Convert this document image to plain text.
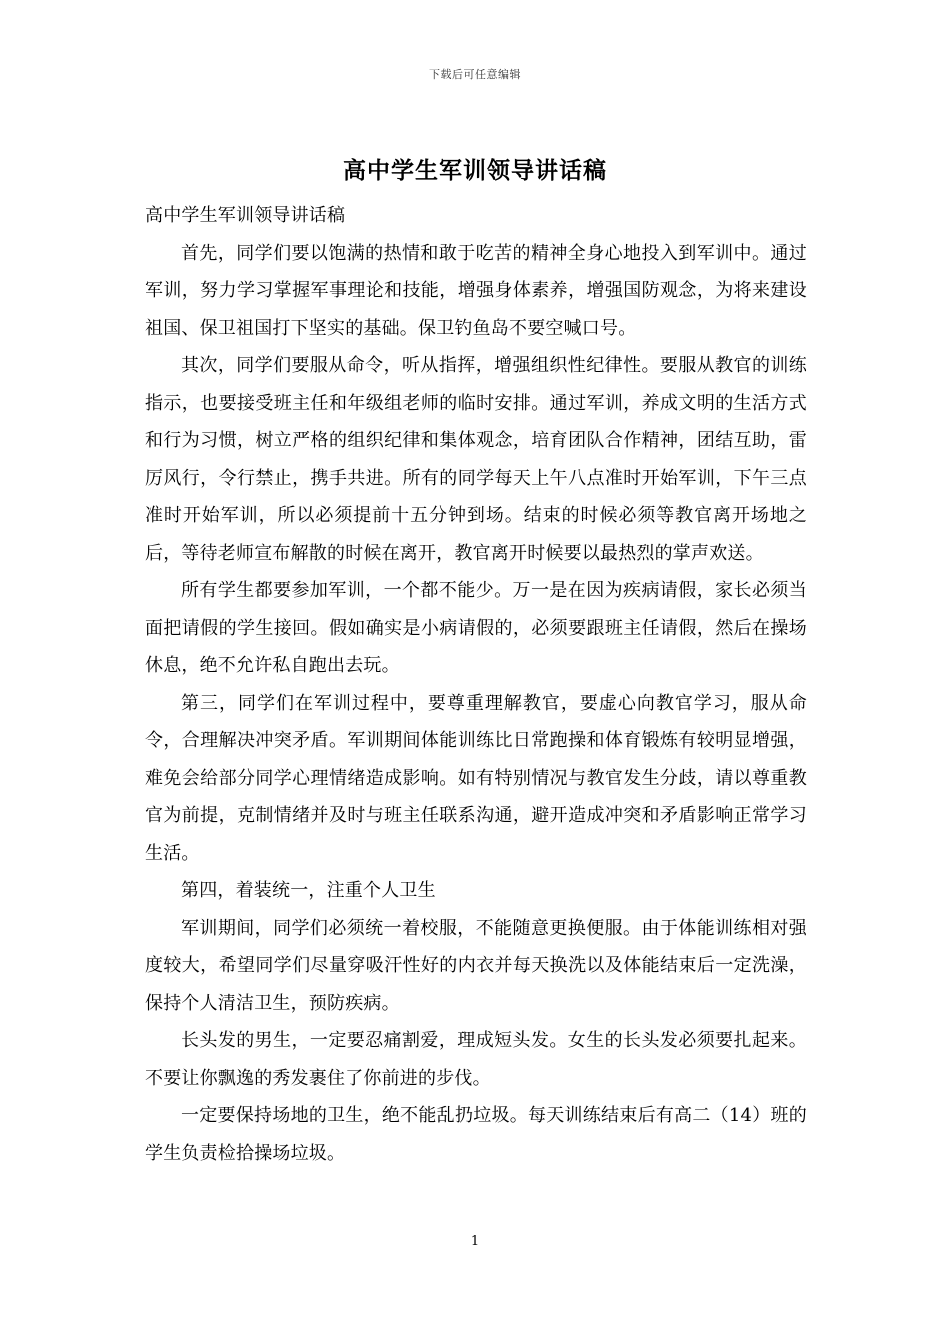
下载后可任意编辑
高中学生军训领导讲话稿

高中学生军训领导讲话稿

首先，同学们要以饱满的热情和敢于吃苦的精神全身心地投入到军训中。通过军训，努力学习掌握军事理论和技能，增强身体素养，增强国防观念，为将来建设祖国、保卫祖国打下坚实的基础。保卫钓鱼岛不要空喊口号。

其次，同学们要服从命令，听从指挥，增强组织性纪律性。要服从教官的训练指示，也要接受班主任和年级组老师的临时安排。通过军训，养成文明的生活方式和行为习惯，树立严格的组织纪律和集体观念，培育团队合作精神，团结互助，雷厉风行，令行禁止，携手共进。所有的同学每天上午八点准时开始军训，下午三点准时开始军训，所以必须提前十五分钟到场。结束的时候必须等教官离开场地之后，等待老师宣布解散的时候在离开，教官离开时候要以最热烈的掌声欢送。

所有学生都要参加军训，一个都不能少。万一是在因为疾病请假，家长必须当面把请假的学生接回。假如确实是小病请假的，必须要跟班主任请假，然后在操场休息，绝不允许私自跑出去玩。

第三，同学们在军训过程中，要尊重理解教官，要虚心向教官学习，服从命令，合理解决冲突矛盾。军训期间体能训练比日常跑操和体育锻炼有较明显增强，难免会给部分同学心理情绪造成影响。如有特别情况与教官发生分歧，请以尊重教官为前提，克制情绪并及时与班主任联系沟通，避开造成冲突和矛盾影响正常学习生活。

第四，着装统一，注重个人卫生

军训期间，同学们必须统一着校服，不能随意更换便服。由于体能训练相对强度较大，希望同学们尽量穿吸汗性好的内衣并每天换洗以及体能结束后一定洗澡，保持个人清洁卫生，预防疾病。

长头发的男生，一定要忍痛割爱，理成短头发。女生的长头发必须要扎起来。不要让你飘逸的秀发裹住了你前进的步伐。

一定要保持场地的卫生，绝不能乱扔垃圾。每天训练结束后有高二（14）班的学生负责检拾操场垃圾。

1
